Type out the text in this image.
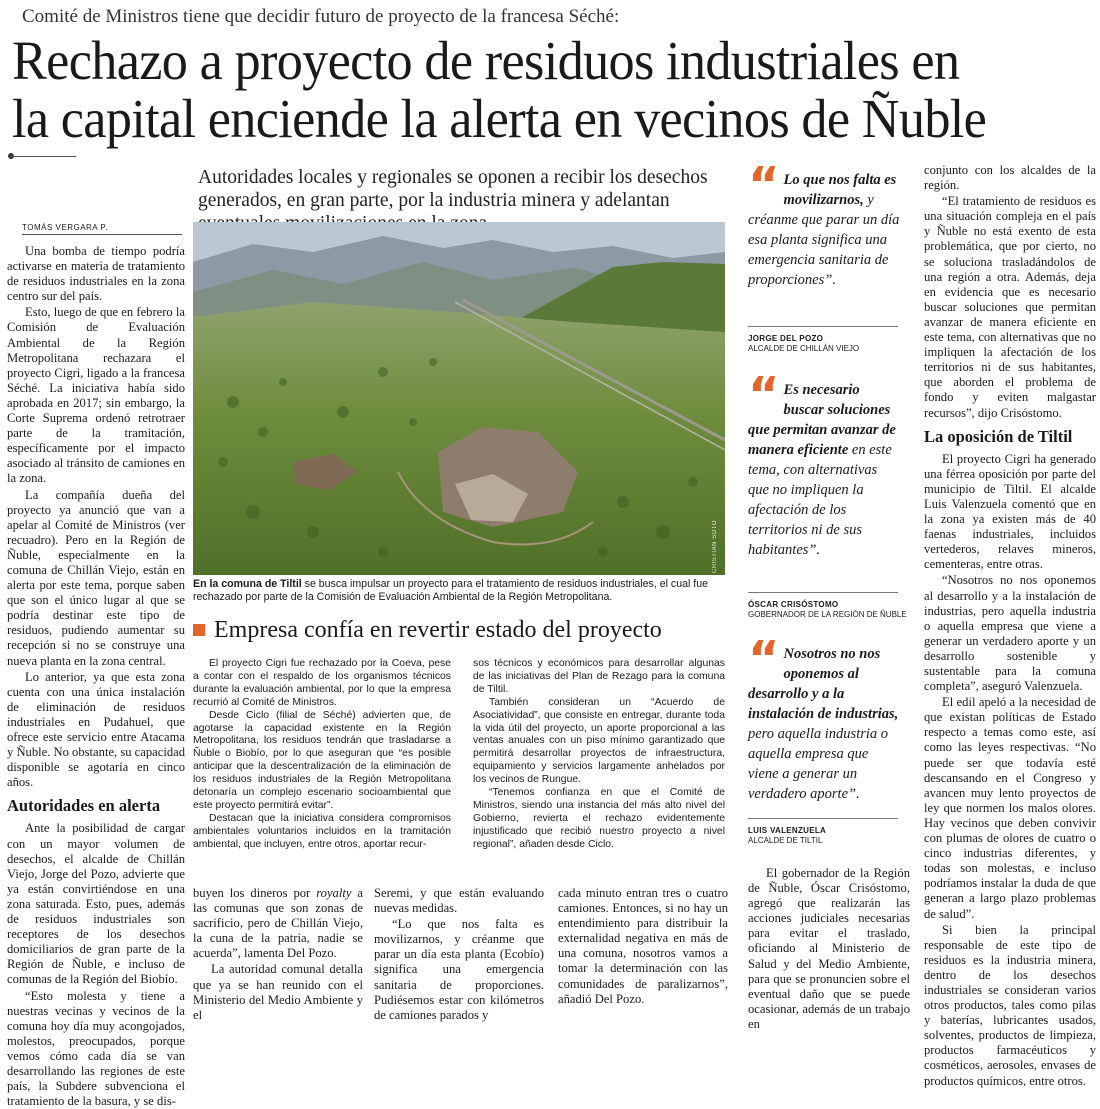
Comité de Ministros tiene que decidir futuro de proyecto de la francesa Séché:
Rechazo a proyecto de residuos industriales en
la capital enciende la alerta en vecinos de Ñuble
Autoridades locales y regionales se oponen a recibir los desechos generados, en gran parte, por la industria minera y adelantan
TOMÁS VERGARA P.

Una bomba de tiempo podría activarse en materia de tratamiento de residuos industriales en la zona centro sur del país.

Esto, luego de que en febrero la Comisión de Evaluación Ambiental de la Región Metropolitana rechazara el proyecto Cigri, ligado a la francesa Séché. La iniciativa había sido aprobada en 2017; sin embargo, la Corte Suprema ordenó retrotraer parte de la tramitación, específicamente por el impacto asociado al tránsito de camiones en la zona.

La compañía dueña del proyecto ya anunció que van a apelar al Comité de Ministros (ver recuadro). Pero en la Región de Ñuble, especialmente en la comuna de Chillán Viejo, están en alerta por este tema, porque saben que son el único lugar al que se podría destinar este tipo de residuos, pudiendo aumentar su recepción si no se construye una nueva planta en la zona central.

Lo anterior, ya que esta zona cuenta con una única instalación de eliminación de residuos industriales en Pudahuel, que ofrece este servicio entre Atacama y Ñuble. No obstante, su capacidad disponible se agotaría en cinco años.

Autoridades en alerta

Ante la posibilidad de cargar con un mayor volumen de desechos, el alcalde de Chillán Viejo, Jorge del Pozo, advierte que ya están convirtiéndose en una zona saturada. Esto, pues, además de residuos industriales son receptores de los desechos domiciliarios de gran parte de la Región de Ñuble, e incluso de comunas de la Región del Biobío.

“Esto molesta y tiene a nuestras vecinas y vecinos de la comuna hoy día muy acongojados, molestos, preocupados, porque vemos cómo cada día se van desarrollando las regiones de este país, la Subdere subvenciona el tratamiento de la basura, y se dis-

CRISTIAN SOTO
En la comuna de Tiltil se busca impulsar un proyecto para el tratamiento de residuos industriales, el cual fue rechazado por parte de la Comisión de Evaluación Ambiental de la Región Metropolitana.
Empresa confía en revertir estado del proyecto

El proyecto Cigri fue rechazado por la Coeva, pese a contar con el respaldo de los organismos técnicos durante la evaluación ambiental, por lo que la empresa recurrió al Comité de Ministros.

Desde Ciclo (filial de Séché) advierten que, de agotarse la capacidad existente en la Región Metropolitana, los residuos tendrán que trasladarse a Ñuble o Biobío, por lo que aseguran que “es posible anticipar que la descentralización de la eliminación de los residuos industriales de la Región Metropolitana detonaría un complejo escenario socioambiental que este proyecto permitirá evitar”.

Destacan que la iniciativa considera compromisos ambientales voluntarios incluidos en la tramitación ambiental, que incluyen, entre otros, aportar recur-

sos técnicos y económicos para desarrollar algunas de las iniciativas del Plan de Rezago para la comuna de Tiltil.

También consideran un “Acuerdo de Asociatividad”, que consiste en entregar, durante toda la vida útil del proyecto, un aporte proporcional a las ventas anuales con un piso mínimo garantizado que permitirá desarrollar proyectos de infraestructura, equipamiento y servicios largamente anhelados por los vecinos de Rungue.

“Tenemos confianza en que el Comité de Ministros, siendo una instancia del más alto nivel del Gobierno, revierta el rechazo evidentemente injustificado que recibió nuestro proyecto a nivel regional”, añaden desde Ciclo.

buyen los dineros por royalty a las comunas que son zonas de sacrificio, pero de Chillán Viejo, la cuna de la patria, nadie se acuerda”, lamenta Del Pozo.

La autoridad comunal detalla que ya se han reunido con el Ministerio del Medio Ambiente y el

Seremi, y que están evaluando nuevas medidas.

“Lo que nos falta es movilizarnos, y créanme que parar un día esta planta (Ecobío) significa una emergencia sanitaria de proporciones. Pudiésemos estar con kilómetros de camiones parados y

cada minuto entran tres o cuatro camiones. Entonces, si no hay un entendimiento para distribuir la externalidad negativa en más de una comuna, nosotros vamos a tomar la determinación con las comunidades de paralizarnos”, añadió Del Pozo.

“ Lo que nos falta es movilizarnos, y créanme que parar un día esa planta significa una emergencia sanitaria de proporciones”.
JORGE DEL POZO
ALCALDE DE CHILLÁN VIEJO
“ Es necesario buscar soluciones que permitan avanzar de manera eficiente en este tema, con alternativas que no impliquen la afectación de los territorios ni de sus habitantes”.
ÓSCAR CRISÓSTOMO
GOBERNADOR DE LA REGIÓN DE ÑUBLE
“ Nosotros no nos oponemos al desarrollo y a la instalación de industrias, pero aquella industria o aquella empresa que viene a generar un verdadero aporte”.
LUIS VALENZUELA
ALCALDE DE TILTIL

El gobernador de la Región de Ñuble, Óscar Crisóstomo, agregó que realizarán las acciones judiciales necesarias para evitar el traslado, oficiando al Ministerio de Salud y del Medio Ambiente, para que se pronuncien sobre el eventual daño que se puede ocasionar, además de un trabajo en

conjunto con los alcaldes de la región.

“El tratamiento de residuos es una situación compleja en el país y Ñuble no está exento de esta problemática, que por cierto, no se soluciona trasladándolos de una región a otra. Además, deja en evidencia que es necesario buscar soluciones que permitan avanzar de manera eficiente en este tema, con alternativas que no impliquen la afectación de los territorios ni de sus habitantes, que aborden el problema de fondo y eviten malgastar recursos”, dijo Crisóstomo.

La oposición de Tiltil

El proyecto Cigri ha generado una férrea oposición por parte del municipio de Tiltil. El alcalde Luis Valenzuela comentó que en la zona ya existen más de 40 faenas industriales, incluidos vertederos, relaves mineros, cementeras, entre otras.

“Nosotros no nos oponemos al desarrollo y a la instalación de industrias, pero aquella industria o aquella empresa que viene a generar un verdadero aporte y un desarrollo sostenible y sustentable para la comuna completa”, aseguró Valenzuela.

El edil apeló a la necesidad de que existan políticas de Estado respecto a temas como este, así como las leyes respectivas. “No puede ser que todavía esté descansando en el Congreso y avancen muy lento proyectos de ley que normen los malos olores. Hay vecinos que deben convivir con plumas de olores de cuatro o cinco industrias diferentes, y todas son molestas, e incluso podríamos instalar la duda de que generan a largo plazo problemas de salud”.

Si bien la principal responsable de este tipo de residuos es la industria minera, dentro de los desechos industriales se consideran varios otros productos, tales como pilas y baterías, lubricantes usados, solventes, productos de limpieza, productos farmacéuticos y cosméticos, aerosoles, envases de productos químicos, entre otros.
